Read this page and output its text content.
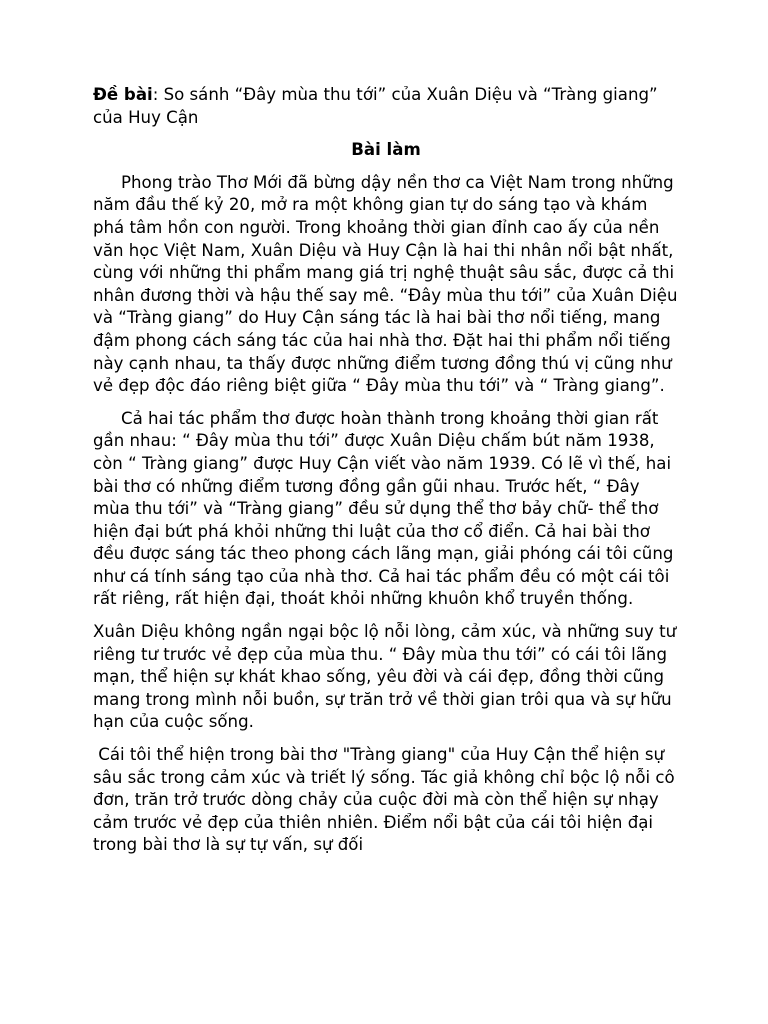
Đề bài: So sánh “Đây mùa thu tới” của Xuân Diệu và “Tràng giang” của Huy Cận

Bài làm

Phong trào Thơ Mới đã bừng dậy nền thơ ca Việt Nam trong những năm đầu thế kỷ 20, mở ra một không gian tự do sáng tạo và khám phá tâm hồn con người. Trong khoảng thời gian đỉnh cao ấy của nền văn học Việt Nam, Xuân Diệu và Huy Cận là hai thi nhân nổi bật nhất, cùng với những thi phẩm mang giá trị nghệ thuật sâu sắc, được cả thi nhân đương thời và hậu thế say mê. “Đây mùa thu tới” của Xuân Diệu và “Tràng giang” do Huy Cận sáng tác là hai bài thơ nổi tiếng, mang đậm phong cách sáng tác của hai nhà thơ. Đặt hai thi phẩm nổi tiếng này cạnh nhau, ta thấy được những điểm tương đồng thú vị cũng như vẻ đẹp độc đáo riêng biệt giữa “ Đây mùa thu tới” và “ Tràng giang”.

Cả hai tác phẩm thơ được hoàn thành trong khoảng thời gian rất gần nhau: “ Đây mùa thu tới” được Xuân Diệu chấm bút năm 1938, còn “ Tràng giang” được Huy Cận viết vào năm 1939. Có lẽ vì thế, hai bài thơ có những điểm tương đồng gần gũi nhau. Trước hết, “ Đây mùa thu tới” và “Tràng giang” đều sử dụng thể thơ bảy chữ- thể thơ hiện đại bứt phá khỏi những thi luật của thơ cổ điển. Cả hai bài thơ đều được sáng tác theo phong cách lãng mạn, giải phóng cái tôi cũng như cá tính sáng tạo của nhà thơ. Cả hai tác phẩm đều có một cái tôi rất riêng, rất hiện đại, thoát khỏi những khuôn khổ truyền thống.

Xuân Diệu không ngần ngại bộc lộ nỗi lòng, cảm xúc, và những suy tư riêng tư trước vẻ đẹp của mùa thu. “ Đây mùa thu tới” có cái tôi lãng mạn, thể hiện sự khát khao sống, yêu đời và cái đẹp, đồng thời cũng mang trong mình nỗi buồn, sự trăn trở về thời gian trôi qua và sự hữu hạn của cuộc sống.

Cái tôi thể hiện trong bài thơ "Tràng giang" của Huy Cận thể hiện sự sâu sắc trong cảm xúc và triết lý sống. Tác giả không chỉ bộc lộ nỗi cô đơn, trăn trở trước dòng chảy của cuộc đời mà còn thể hiện sự nhạy cảm trước vẻ đẹp của thiên nhiên. Điểm nổi bật của cái tôi hiện đại trong bài thơ là sự tự vấn, sự đối
